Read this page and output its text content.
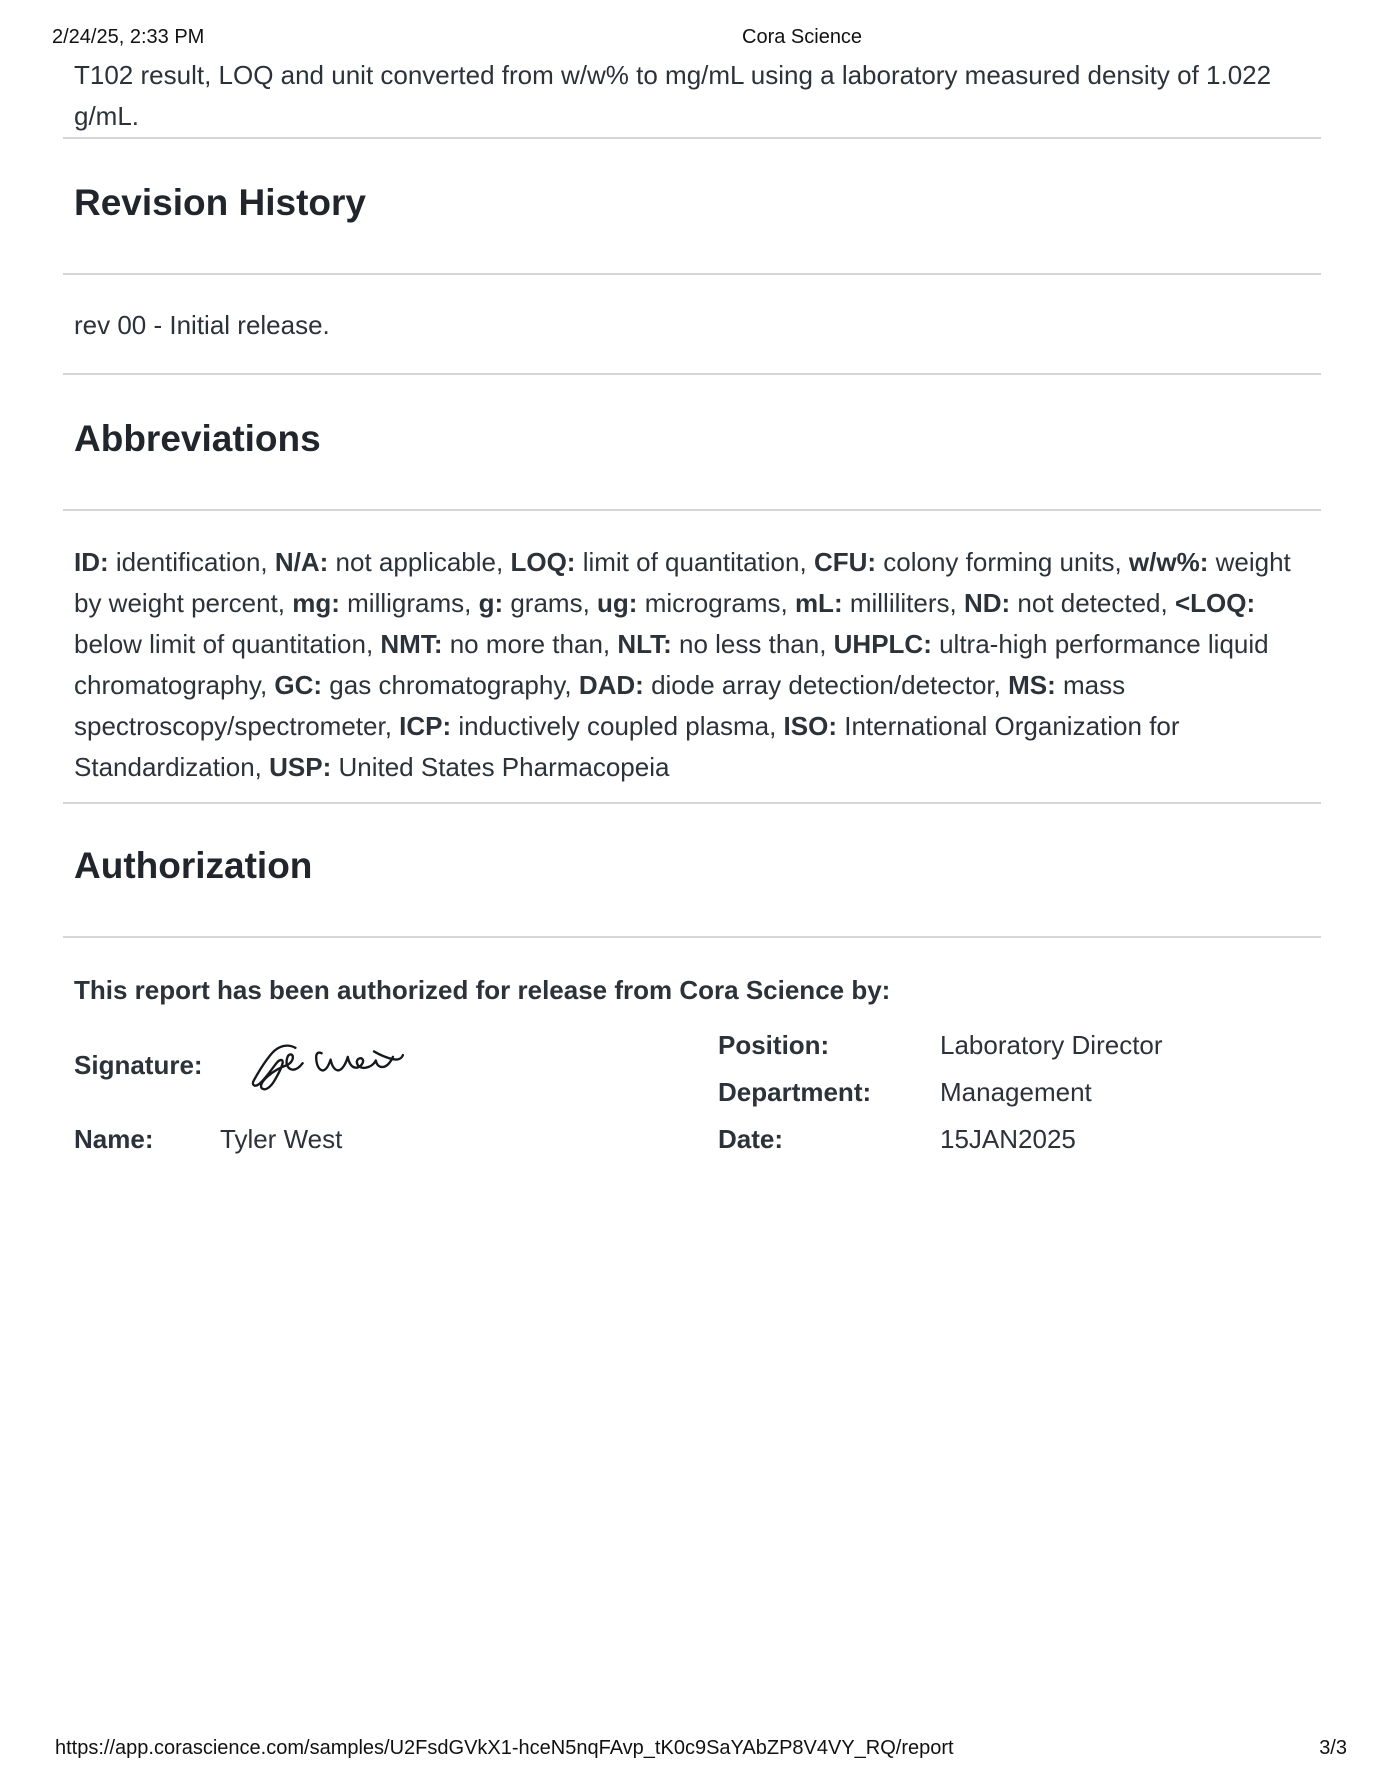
2/24/25, 2:33 PM	Cora Science

T102 result, LOQ and unit converted from w/w% to mg/mL using a laboratory measured density of 1.022 g/mL.

Revision History

rev 00 - Initial release.

Abbreviations

ID: identification, N/A: not applicable, LOQ: limit of quantitation, CFU: colony forming units, w/w%: weight by weight percent, mg: milligrams, g: grams, ug: micrograms, mL: milliliters, ND: not detected, <LOQ: below limit of quantitation, NMT: no more than, NLT: no less than, UHPLC: ultra-high performance liquid chromatography, GC: gas chromatography, DAD: diode array detection/detector, MS: mass spectroscopy/spectrometer, ICP: inductively coupled plasma, ISO: International Organization for Standardization, USP: United States Pharmacopeia

Authorization

This report has been authorized for release from Cora Science by:

Signature:
Name:	Tyler West
Position:	Laboratory Director
Department:	Management
Date:	15JAN2025
https://app.corascience.com/samples/U2FsdGVkX1-hceN5nqFAvp_tK0c9SaYAbZP8V4VY_RQ/report	3/3
